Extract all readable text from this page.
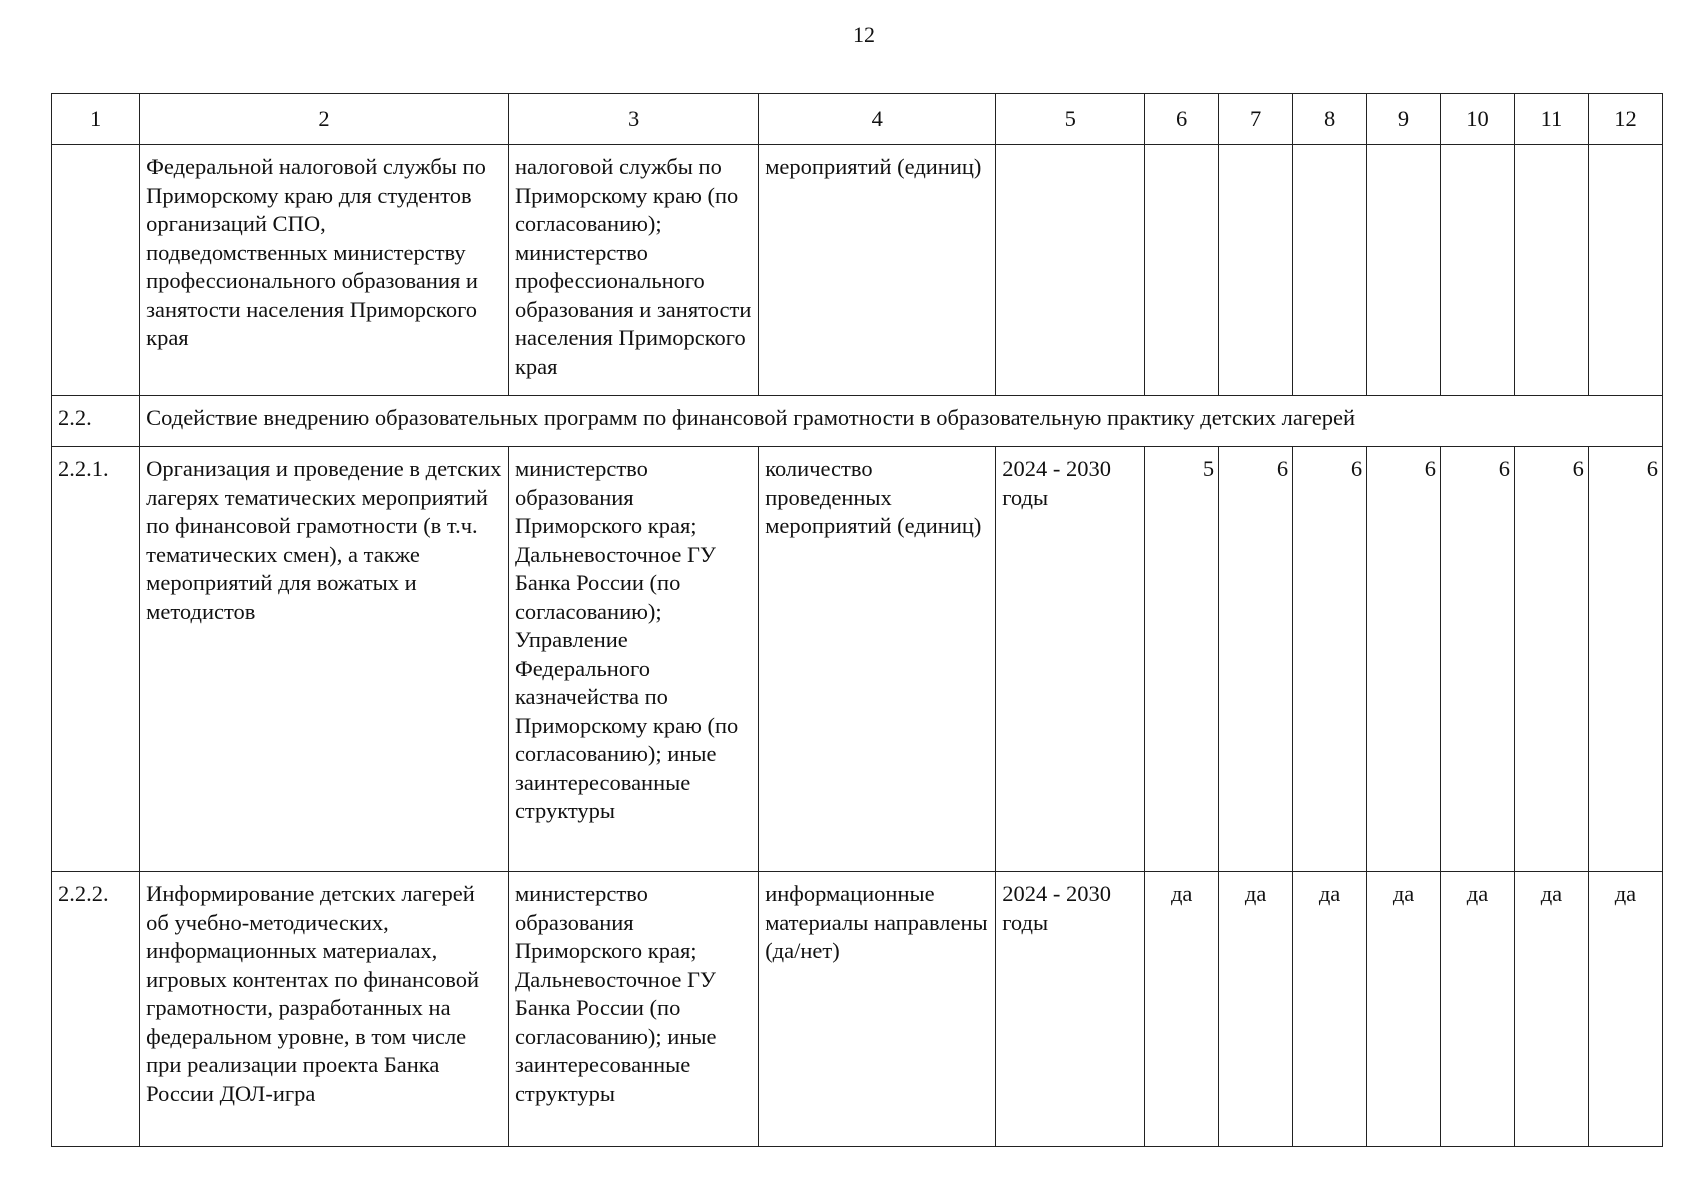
12
1	2	3	4	5	6	7	8	9	10	11	12
	Федеральной налоговой службы по Приморскому краю для студентов организаций СПО, подведомственных министерству профессионального образования и занятости населения Приморского края	налоговой службы по Приморскому краю (по согласованию); министерство профессионального образования и занятости населения Приморского края	мероприятий (единиц)								
2.2.	Содействие внедрению образовательных программ по финансовой грамотности в образовательную практику детских лагерей										
2.2.1.	Организация и проведение в детских лагерях тематических мероприятий по финансовой грамотности (в т.ч. тематических смен), а также мероприятий для вожатых и методистов	министерство образования Приморского края; Дальневосточное ГУ Банка России (по согласованию); Управление Федерального казначейства по Приморскому краю (по согласованию); иные заинтересованные структуры	количество проведенных мероприятий (единиц)	2024 - 2030 годы	5	6	6	6	6	6	6
2.2.2.	Информирование детских лагерей об учебно-методических, информационных материалах, игровых контентах по финансовой грамотности, разработанных на федеральном уровне, в том числе при реализации проекта Банка России ДОЛ-игра	министерство образования Приморского края; Дальневосточное ГУ Банка России (по согласованию); иные заинтересованные структуры	информационные материалы направлены (да/нет)	2024 - 2030 годы	да	да	да	да	да	да	да
